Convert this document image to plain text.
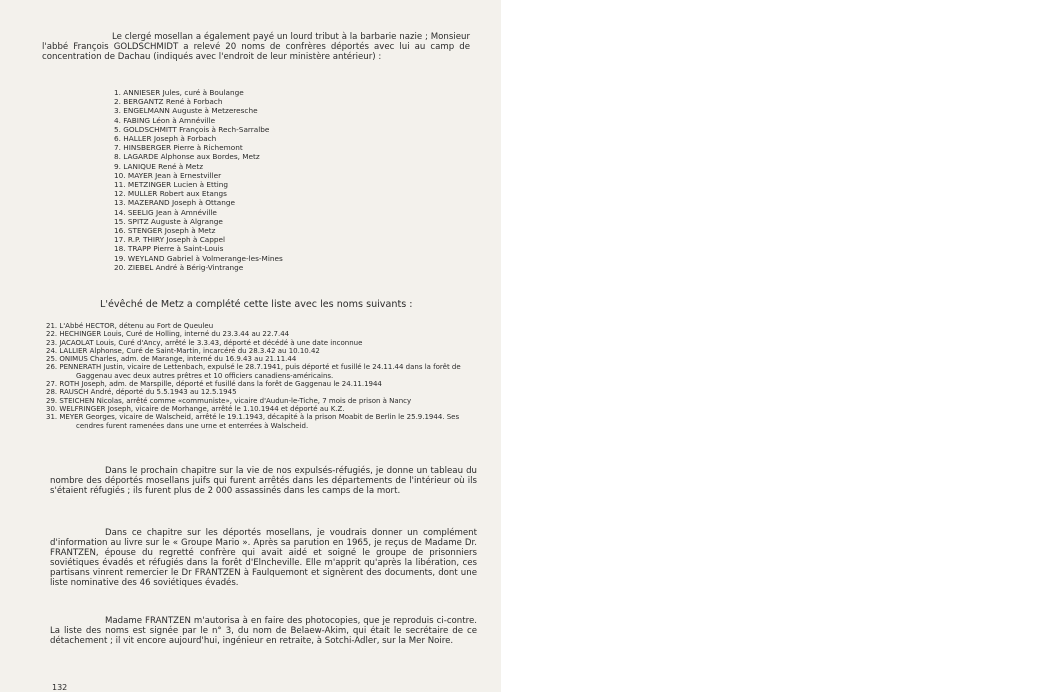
Le clergé mosellan a également payé un lourd tribut à la barbarie nazie ; Monsieur l'abbé François GOLDSCHMIDT a relevé 20 noms de confrères déportés avec lui au camp de concentration de Dachau (indiqués avec l'endroit de leur ministère antérieur) :

1. ANNIESER Jules, curé à Boulange
2. BERGANTZ René à Forbach
3. ENGELMANN Auguste à Metzeresche
4. FABING Léon à Amnéville
5. GOLDSCHMITT François à Rech-Sarralbe
6. HALLER Joseph à Forbach
7. HINSBERGER Pierre à Richemont
8. LAGARDE Alphonse aux Bordes, Metz
9. LANIQUE René à Metz
10. MAYER Jean à Ernestviller
11. METZINGER Lucien à Etting
12. MULLER Robert aux Etangs
13. MAZERAND Joseph à Ottange
14. SEELIG Jean à Amnéville
15. SPITZ Auguste à Algrange
16. STENGER Joseph à Metz
17. R.P. THIRY Joseph à Cappel
18. TRAPP Pierre à Saint-Louis
19. WEYLAND Gabriel à Volmerange-les-Mines
20. ZIEBEL André à Bérig-Vintrange

L'évêché de Metz a complété cette liste avec les noms suivants :

21. L'Abbé HECTOR, détenu au Fort de Queuleu
22. HECHINGER Louis, Curé de Holling, interné du 23.3.44 au 22.7.44
23. JACAOLAT Louis, Curé d'Ancy, arrêté le 3.3.43, déporté et décédé à une date inconnue
24. LALLIER Alphonse, Curé de Saint-Martin, incarcéré du 28.3.42 au 10.10.42
25. ONIMUS Charles, adm. de Marange, interné du 16.9.43 au 21.11.44
26. PENNERATH Justin, vicaire de Lettenbach, expulsé le 28.7.1941, puis déporté et fusillé le 24.11.44 dans la forêt de Gaggenau avec deux autres prêtres et 10 officiers canadiens-américains.
27. ROTH Joseph, adm. de Marspille, déporté et fusillé dans la forêt de Gaggenau le 24.11.1944
28. RAUSCH André, déporté du 5.5.1943 au 12.5.1945
29. STEICHEN Nicolas, arrêté comme «communiste», vicaire d'Audun-le-Tiche, 7 mois de prison à Nancy
30. WELFRINGER Joseph, vicaire de Morhange, arrêté le 1.10.1944 et déporté au K.Z.
31. MEYER Georges, vicaire de Walscheid, arrêté le 19.1.1943, décapité à la prison Moabit de Berlin le 25.9.1944. Ses cendres furent ramenées dans une urne et enterrées à Walscheid.

Dans le prochain chapitre sur la vie de nos expulsés-réfugiés, je donne un tableau du nombre des déportés mosellans juifs qui furent arrêtés dans les départements de l'intérieur où ils s'étaient réfugiés ; ils furent plus de 2 000 assassinés dans les camps de la mort.

Dans ce chapitre sur les déportés mosellans, je voudrais donner un complément d'information au livre sur le « Groupe Mario ». Après sa parution en 1965, je reçus de Madame Dr. FRANTZEN, épouse du regretté confrère qui avait aidé et soigné le groupe de prisonniers soviétiques évadés et réfugiés dans la forêt d'Elncheville. Elle m'apprit qu'après la libération, ces partisans vinrent remercier le Dr FRANTZEN à Faulquemont et signèrent des documents, dont une liste nominative des 46 soviétiques évadés.

Madame FRANTZEN m'autorisa à en faire des photocopies, que je reproduis ci-contre. La liste des noms est signée par le n° 3, du nom de Belaew-Akim, qui était le secrétaire de ce détachement ; il vit encore aujourd'hui, ingénieur en retraite, à Sotchi-Adler, sur la Mer Noire.

132
